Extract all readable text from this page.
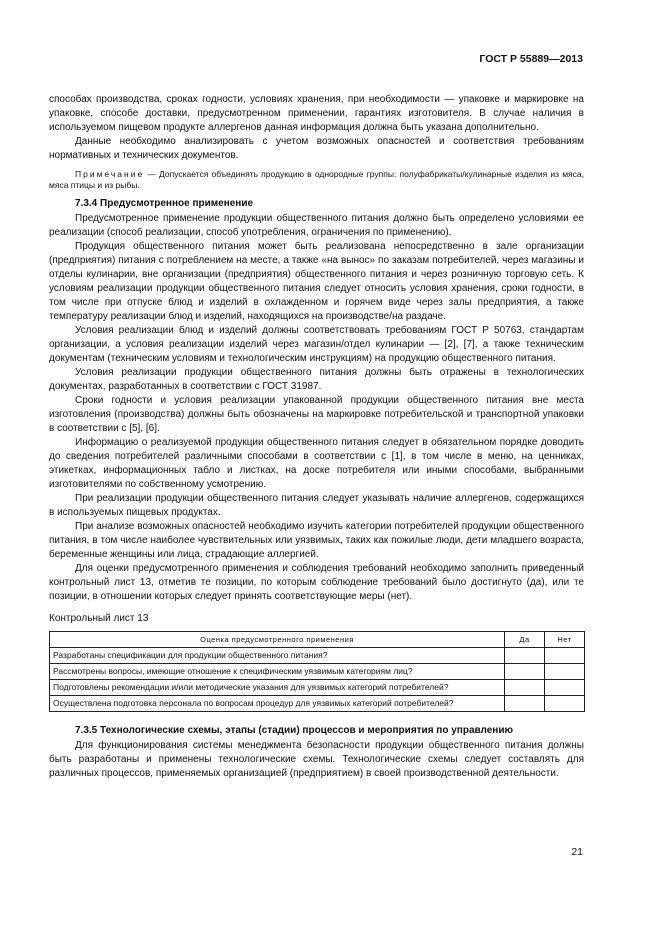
ГОСТ Р 55889—2013

способах производства, сроках годности, условиях хранения, при необходимости — упаковке и маркировке на упаковке, способе доставки, предусмотренном применении, гарантиях изготовителя. В случае наличия в используемом пищевом продукте аллергенов данная информация должна быть указана дополнительно.

Данные необходимо анализировать с учетом возможных опасностей и соответствия требованиям нормативных и технических документов.

Примечание — Допускается объединять продукцию в однородные группы: полуфабрикаты/кулинарные изделия из мяса, мяса птицы и из рыбы.

7.3.4 Предусмотренное применение

Предусмотренное применение продукции общественного питания должно быть определено условиями ее реализации (способ реализации, способ употребления, ограничения по применению).

Продукция общественного питания может быть реализована непосредственно в зале организации (предприятия) питания с потреблением на месте, а также «на вынос» по заказам потребителей, через магазины и отделы кулинарии, вне организации (предприятия) общественного питания и через розничную торговую сеть. К условиям реализации продукции общественного питания следует относить условия хранения, сроки годности, в том числе при отпуске блюд и изделий в охлажденном и горячем виде через залы предприятия, а также температуру реализации блюд и изделий, находящихся на производстве/на раздаче.

Условия реализации блюд и изделий должны соответствовать требованиям ГОСТ Р 50763, стандартам организации, а условия реализации изделий через магазин/отдел кулинарии — [2], [7], а также техническим документам (техническим условиям и технологическим инструкциям) на продукцию общественного питания.

Условия реализации продукции общественного питания должны быть отражены в технологических документах, разработанных в соответствии с ГОСТ 31987.

Сроки годности и условия реализации упакованной продукции общественного питания вне места изготовления (производства) должны быть обозначены на маркировке потребительской и транспортной упаковки в соответствии с [5], [6].

Информацию о реализуемой продукции общественного питания следует в обязательном порядке доводить до сведения потребителей различными способами в соответствии с [1], в том числе в меню, на ценниках, этикетках, информационных табло и листках, на доске потребителя или иными способами, выбранными изготовителями по собственному усмотрению.

При реализации продукции общественного питания следует указывать наличие аллергенов, содержащихся в используемых пищевых продуктах.

При анализе возможных опасностей необходимо изучить категории потребителей продукции общественного питания, в том числе наиболее чувствительных или уязвимых, таких как пожилые люди, дети младшего возраста, беременные женщины или лица, страдающие аллергией.

Для оценки предусмотренного применения и соблюдения требований необходимо заполнить приведенный контрольный лист 13, отметив те позиции, по которым соблюдение требований было достигнуто (да), или те позиции, в отношении которых следует принять соответствующие меры (нет).

Контрольный лист 13

Оценка предусмотренного применения	Да	Нет
Разработаны спецификации для продукции общественного питания?		
Рассмотрены вопросы, имеющие отношение к специфическим уязвимым категориям лиц?		
Подготовлены рекомендации и/или методические указания для уязвимых категорий потребителей?		
Осуществлена подготовка персонала по вопросам процедур для уязвимых категорий потребителей?		

7.3.5 Технологические схемы, этапы (стадии) процессов и мероприятия по управлению

Для функционирования системы менеджмента безопасности продукции общественного питания должны быть разработаны и применены технологические схемы. Технологические схемы следует составлять для различных процессов, применяемых организацией (предприятием) в своей производственной деятельности.

21
